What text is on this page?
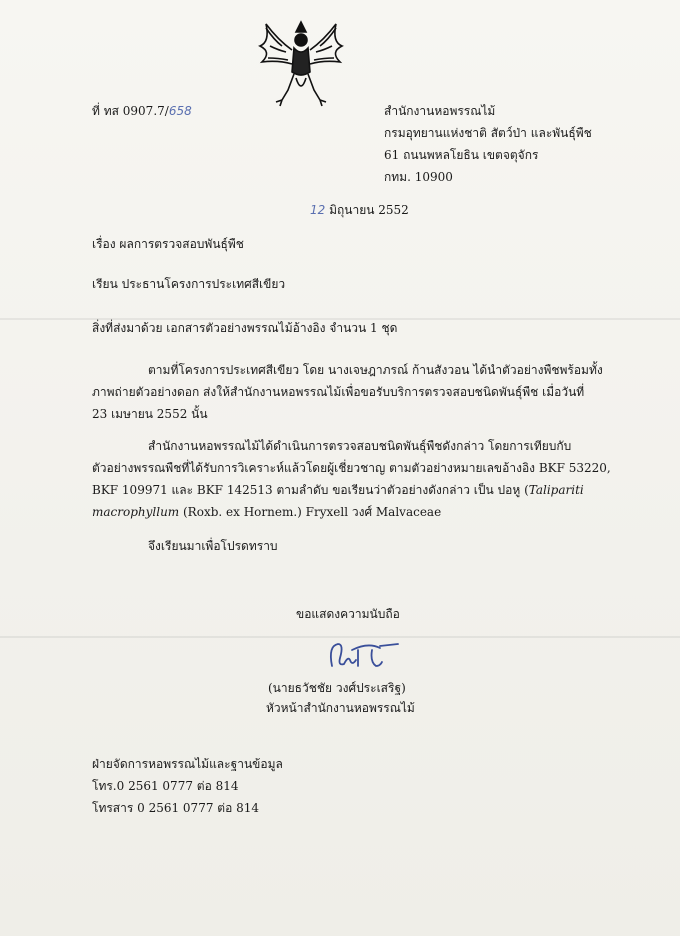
ที่ ทส 0907.7/658	สำนักงานหอพรรณไม้
กรมอุทยานแห่งชาติ สัตว์ป่า และพันธุ์พืช
61 ถนนพหลโยธิน เขตจตุจักร
กทม. 10900
12 มิถุนายน 2552
เรื่อง ผลการตรวจสอบพันธุ์พืช
เรียน ประธานโครงการประเทศสีเขียว
สิ่งที่ส่งมาด้วย เอกสารตัวอย่างพรรณไม้อ้างอิง จำนวน 1 ชุด
ตามที่โครงการประเทศสีเขียว โดย นางเจษฎาภรณ์ ก้านสังวอน ได้นำตัวอย่างพืชพร้อมทั้ง
ภาพถ่ายตัวอย่างดอก ส่งให้สำนักงานหอพรรณไม้เพื่อขอรับบริการตรวจสอบชนิดพันธุ์พืช เมื่อวันที่
23 เมษายน 2552 นั้น
สำนักงานหอพรรณไม้ได้ดำเนินการตรวจสอบชนิดพันธุ์พืชดังกล่าว โดยการเทียบกับ
ตัวอย่างพรรณพืชที่ได้รับการวิเคราะห์แล้วโดยผู้เชี่ยวชาญ ตามตัวอย่างหมายเลขอ้างอิง BKF 53220,
BKF 109971 และ BKF 142513 ตามลำดับ ขอเรียนว่าตัวอย่างดังกล่าว เป็น ปอหู (Talipariti
macrophyllum (Roxb. ex Hornem.) Fryxell วงศ์ Malvaceae
จึงเรียนมาเพื่อโปรดทราบ
ขอแสดงความนับถือ
(นายธวัชชัย วงศ์ประเสริฐ)
หัวหน้าสำนักงานหอพรรณไม้
ฝ่ายจัดการหอพรรณไม้และฐานข้อมูล
โทร.0 2561 0777 ต่อ 814
โทรสาร 0 2561 0777 ต่อ 814
